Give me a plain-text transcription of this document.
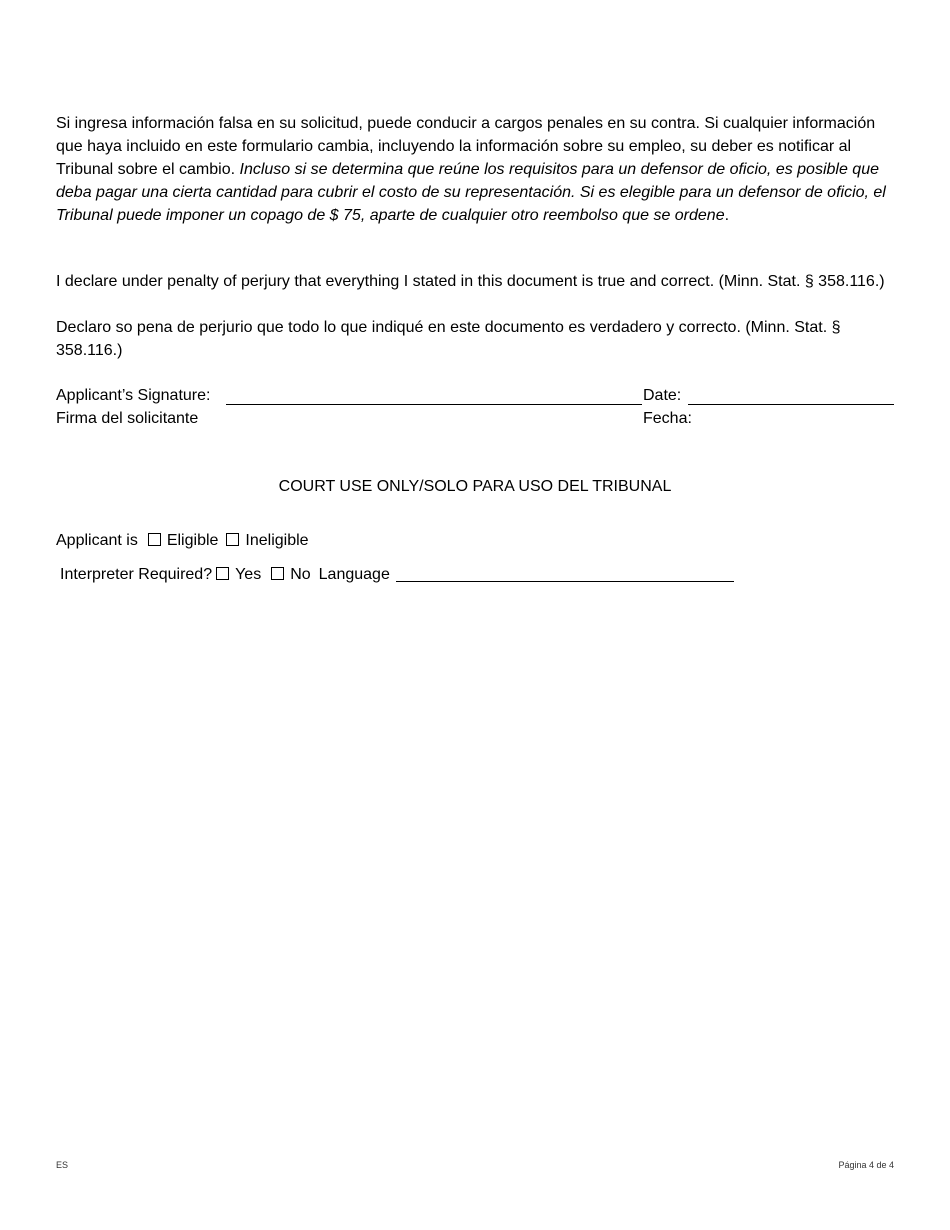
Si ingresa información falsa en su solicitud, puede conducir a cargos penales en su contra. Si cualquier información que haya incluido en este formulario cambia, incluyendo la información sobre su empleo, su deber es notificar al Tribunal sobre el cambio. Incluso si se determina que reúne los requisitos para un defensor de oficio, es posible que deba pagar una cierta cantidad para cubrir el costo de su representación. Si es elegible para un defensor de oficio, el Tribunal puede imponer un copago de $ 75, aparte de cualquier otro reembolso que se ordene.
I declare under penalty of perjury that everything I stated in this document is true and correct. (Minn. Stat. § 358.116.)
Declaro so pena de perjurio que todo lo que indiqué en este documento es verdadero y correcto. (Minn. Stat. § 358.116.)
Applicant’s Signature:
Firma del solicitante
Date:
Fecha:
COURT USE ONLY/SOLO PARA USO DEL TRIBUNAL
Applicant is Eligible Ineligible
Interpreter Required? Yes No Language
ES	Página 4 de 4
